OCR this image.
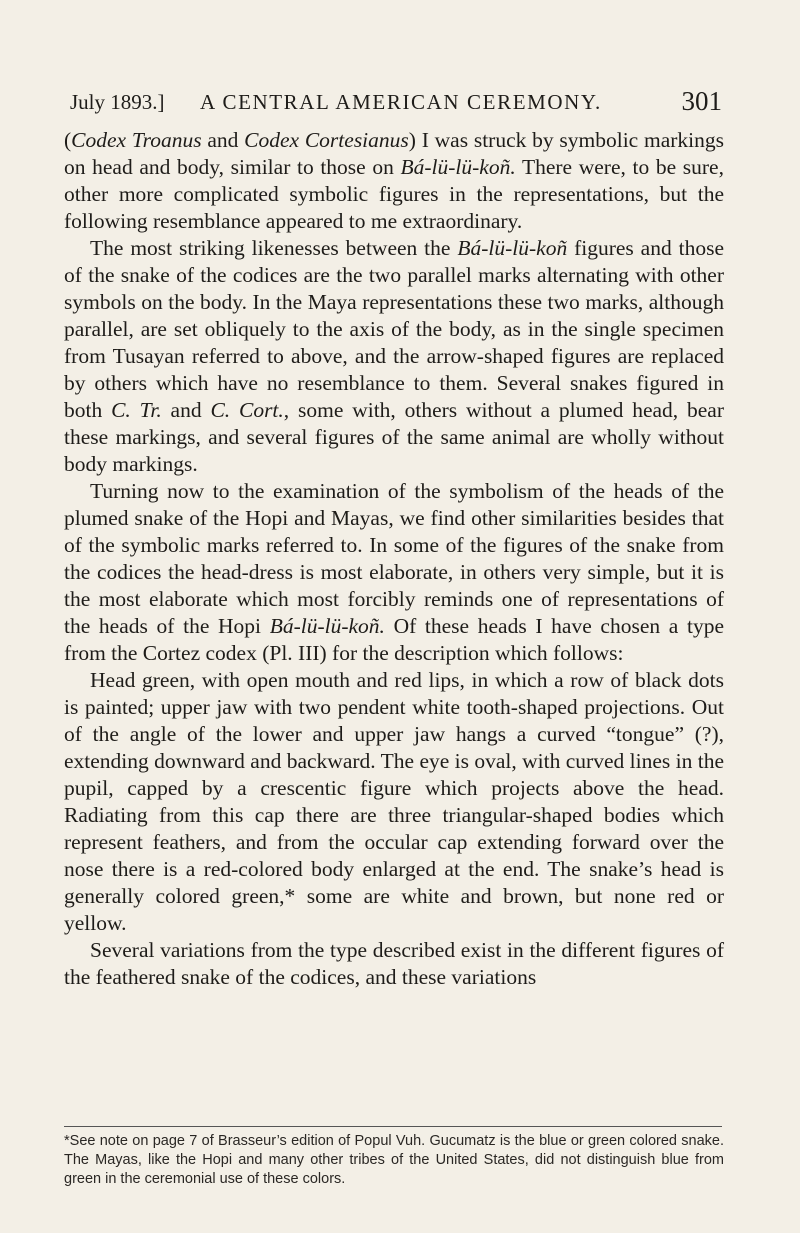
July 1893.] A CENTRAL AMERICAN CEREMONY.	301

(Codex Troanus and Codex Cortesianus) I was struck by symbolic markings on head and body, similar to those on Bá-lü-lü-koñ. There were, to be sure, other more complicated symbolic figures in the representations, but the following resemblance appeared to me extraordinary.

The most striking likenesses between the Bá-lü-lü-koñ figures and those of the snake of the codices are the two parallel marks alternating with other symbols on the body. In the Maya representations these two marks, although parallel, are set obliquely to the axis of the body, as in the single specimen from Tusayan referred to above, and the arrow-shaped figures are replaced by others which have no resemblance to them. Several snakes figured in both C. Tr. and C. Cort., some with, others without a plumed head, bear these markings, and several figures of the same animal are wholly without body markings.

Turning now to the examination of the symbolism of the heads of the plumed snake of the Hopi and Mayas, we find other similarities besides that of the symbolic marks referred to. In some of the figures of the snake from the codices the head-dress is most elaborate, in others very simple, but it is the most elaborate which most forcibly reminds one of representations of the heads of the Hopi Bá-lü-lü-koñ. Of these heads I have chosen a type from the Cortez codex (Pl. III) for the description which follows:

Head green, with open mouth and red lips, in which a row of black dots is painted; upper jaw with two pendent white tooth-shaped projections. Out of the angle of the lower and upper jaw hangs a curved “tongue” (?), extending downward and backward. The eye is oval, with curved lines in the pupil, capped by a crescentic figure which projects above the head. Radiating from this cap there are three triangular-shaped bodies which represent feathers, and from the occular cap extending forward over the nose there is a red-colored body enlarged at the end. The snake’s head is generally colored green,* some are white and brown, but none red or yellow.

Several variations from the type described exist in the different figures of the feathered snake of the codices, and these variations

*See note on page 7 of Brasseur’s edition of Popul Vuh. Gucumatz is the blue or green colored snake. The Mayas, like the Hopi and many other tribes of the United States, did not distinguish blue from green in the ceremonial use of these colors.
